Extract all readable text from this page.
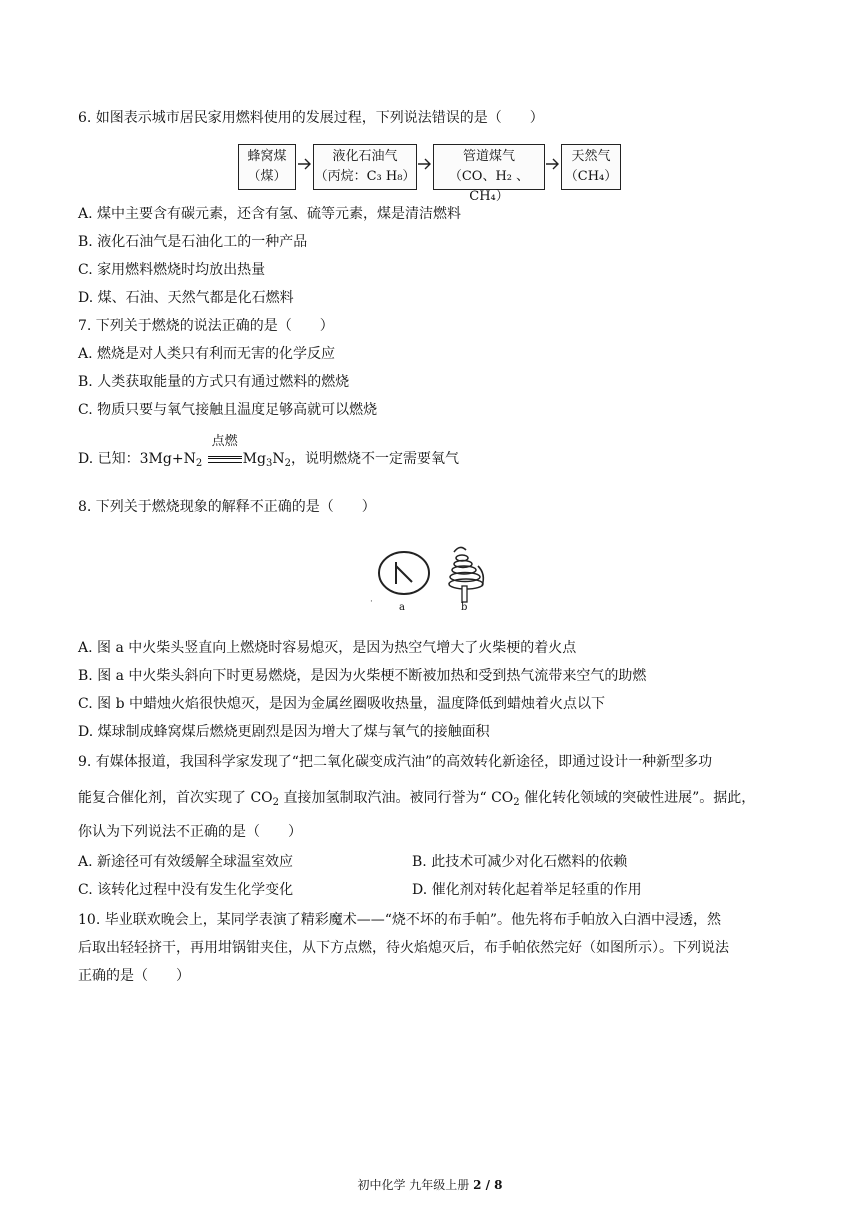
6. 如图表示城市居民家用燃料使用的发展过程，下列说法错误的是（　　）
蜂窝煤
（煤）
液化石油气
（丙烷：C₃ H₈）
管道煤气
（CO、H₂ 、CH₄）
天然气
（CH₄）
A. 煤中主要含有碳元素，还含有氢、硫等元素，煤是清洁燃料
B. 液化石油气是石油化工的一种产品
C. 家用燃料燃烧时均放出热量
D. 煤、石油、天然气都是化石燃料
7. 下列关于燃烧的说法正确的是（　　）
A. 燃烧是对人类只有利而无害的化学反应
B. 人类获取能量的方式只有通过燃料的燃烧
C. 物质只要与氧气接触且温度足够高就可以燃烧
D. 已知：$3Mg+N_2$
点燃
$Mg_3N_2$，说明燃烧不一定需要氧气
8. 下列关于燃烧现象的解释不正确的是（　　）
·	a	b
A. 图 a 中火柴头竖直向上燃烧时容易熄灭，是因为热空气增大了火柴梗的着火点
B. 图 a 中火柴头斜向下时更易燃烧，是因为火柴梗不断被加热和受到热气流带来空气的助燃
C. 图 b 中蜡烛火焰很快熄灭，是因为金属丝圈吸收热量，温度降低到蜡烛着火点以下
D. 煤球制成蜂窝煤后燃烧更剧烈是因为增大了煤与氧气的接触面积
9. 有媒体报道，我国科学家发现了“把二氧化碳变成汽油”的高效转化新途径，即通过设计一种新型多功
能复合催化剂，首次实现了 $CO_2$ 直接加氢制取汽油。被同行誉为“ $CO_2$ 催化转化领域的突破性进展”。据此，
你认为下列说法不正确的是（　　）
A. 新途径可有效缓解全球温室效应	B. 此技术可减少对化石燃料的依赖
C. 该转化过程中没有发生化学变化	D. 催化剂对转化起着举足轻重的作用
10. 毕业联欢晚会上，某同学表演了精彩魔术——“烧不坏的布手帕”。他先将布手帕放入白酒中浸透，然
后取出轻轻挤干，再用坩锅钳夹住，从下方点燃，待火焰熄灭后，布手帕依然完好（如图所示）。下列说法
正确的是（　　）
初中化学 九年级上册 2 / 8
